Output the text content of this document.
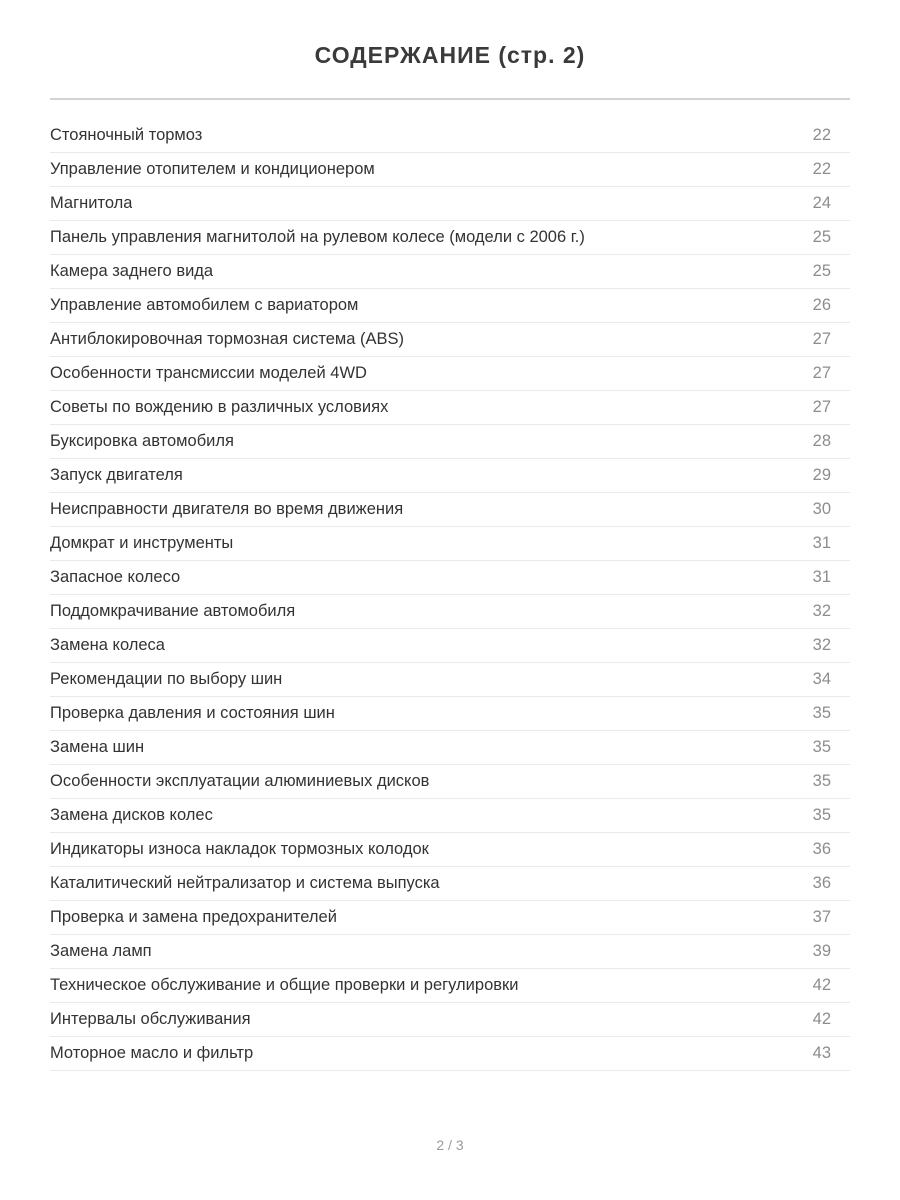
СОДЕРЖАНИЕ (стр. 2)
Стояночный тормоз	22
Управление отопителем и кондиционером	22
Магнитола	24
Панель управления магнитолой на рулевом колесе (модели с 2006 г.)	25
Камера заднего вида	25
Управление автомобилем с вариатором	26
Антиблокировочная тормозная система (ABS)	27
Особенности трансмиссии моделей 4WD	27
Советы по вождению в различных условиях	27
Буксировка автомобиля	28
Запуск двигателя	29
Неисправности двигателя во время движения	30
Домкрат и инструменты	31
Запасное колесо	31
Поддомкрачивание автомобиля	32
Замена колеса	32
Рекомендации по выбору шин	34
Проверка давления и состояния шин	35
Замена шин	35
Особенности эксплуатации алюминиевых дисков	35
Замена дисков колес	35
Индикаторы износа накладок тормозных колодок	36
Каталитический нейтрализатор и система выпуска	36
Проверка и замена предохранителей	37
Замена ламп	39
Техническое обслуживание и общие проверки и регулировки	42
Интервалы обслуживания	42
Моторное масло и фильтр	43
2 / 3
